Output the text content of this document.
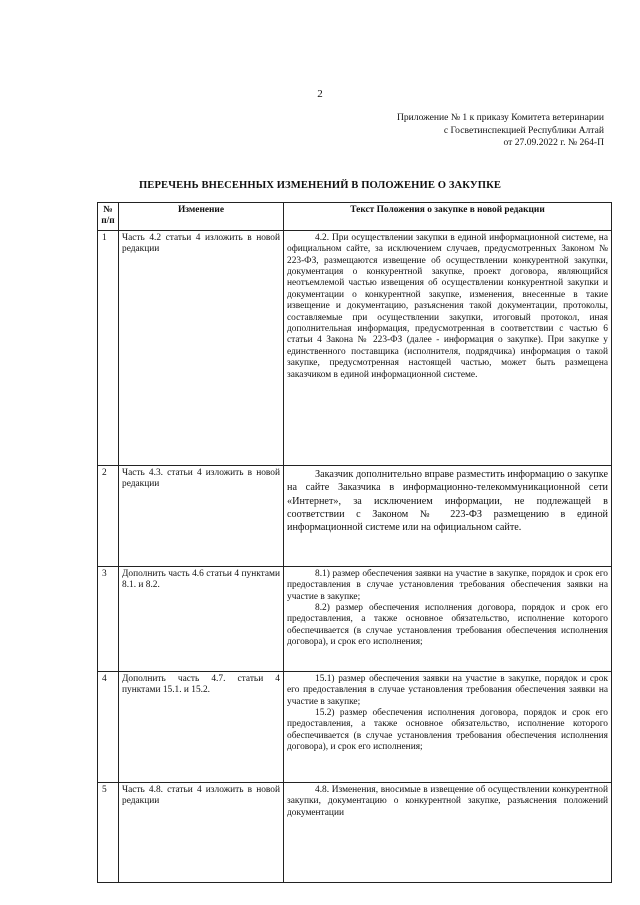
2
Приложение № 1 к приказу Комитета ветеринарии
с Госветинспекцией Республики Алтай
от 27.09.2022 г. № 264-П
ПЕРЕЧЕНЬ ВНЕСЕННЫХ ИЗМЕНЕНИЙ В ПОЛОЖЕНИЕ О ЗАКУПКЕ
№ п/п	Изменение	Текст Положения о закупке в новой редакции
1	Часть 4.2 статьи 4 изложить в новой редакции	4.2. При осуществлении закупки в единой информационной системе, на официальном сайте, за исключением случаев, предусмотренных Законом № 223-ФЗ, размещаются извещение об осуществлении конкурентной закупки, документация о конкурентной закупке, проект договора, являющийся неотъемлемой частью извещения об осуществлении конкурентной закупки и документации о конкурентной закупке, изменения, внесенные в такие извещение и документацию, разъяснения такой документации, протоколы, составляемые при осуществлении закупки, итоговый протокол, иная дополнительная информация, предусмотренная в соответствии с частью 6 статьи 4 Закона № 223-ФЗ (далее - информация о закупке). При закупке у единственного поставщика (исполнителя, подрядчика) информация о такой закупке, предусмотренная настоящей частью, может быть размещена заказчиком в единой информационной системе.

2	Часть 4.3. статьи 4 изложить в новой редакции	Заказчик дополнительно вправе разместить информацию о закупке на сайте Заказчика в информационно-телекоммуникационной сети «Интернет», за исключением информации, не подлежащей в соответствии с Законом № 223-ФЗ размещению в единой информационной системе или на официальном сайте.

3	Дополнить часть 4.6 статьи 4 пунктами 8.1. и 8.2.	8.1) размер обеспечения заявки на участие в закупке, порядок и срок его предоставления в случае установления требования обеспечения заявки на участие в закупке;

8.2) размер обеспечения исполнения договора, порядок и срок его предоставления, а также основное обязательство, исполнение которого обеспечивается (в случае установления требования обеспечения исполнения договора), и срок его исполнения;

4	Дополнить часть 4.7. статьи 4 пунктами 15.1. и 15.2.	15.1) размер обеспечения заявки на участие в закупке, порядок и срок его предоставления в случае установления требования обеспечения заявки на участие в закупке;

15.2) размер обеспечения исполнения договора, порядок и срок его предоставления, а также основное обязательство, исполнение которого обеспечивается (в случае установления требования обеспечения исполнения договора), и срок его исполнения;

5	Часть 4.8. статьи 4 изложить в новой редакции	4.8. Изменения, вносимые в извещение об осуществлении конкурентной закупки, документацию о конкурентной закупке, разъяснения положений документации
